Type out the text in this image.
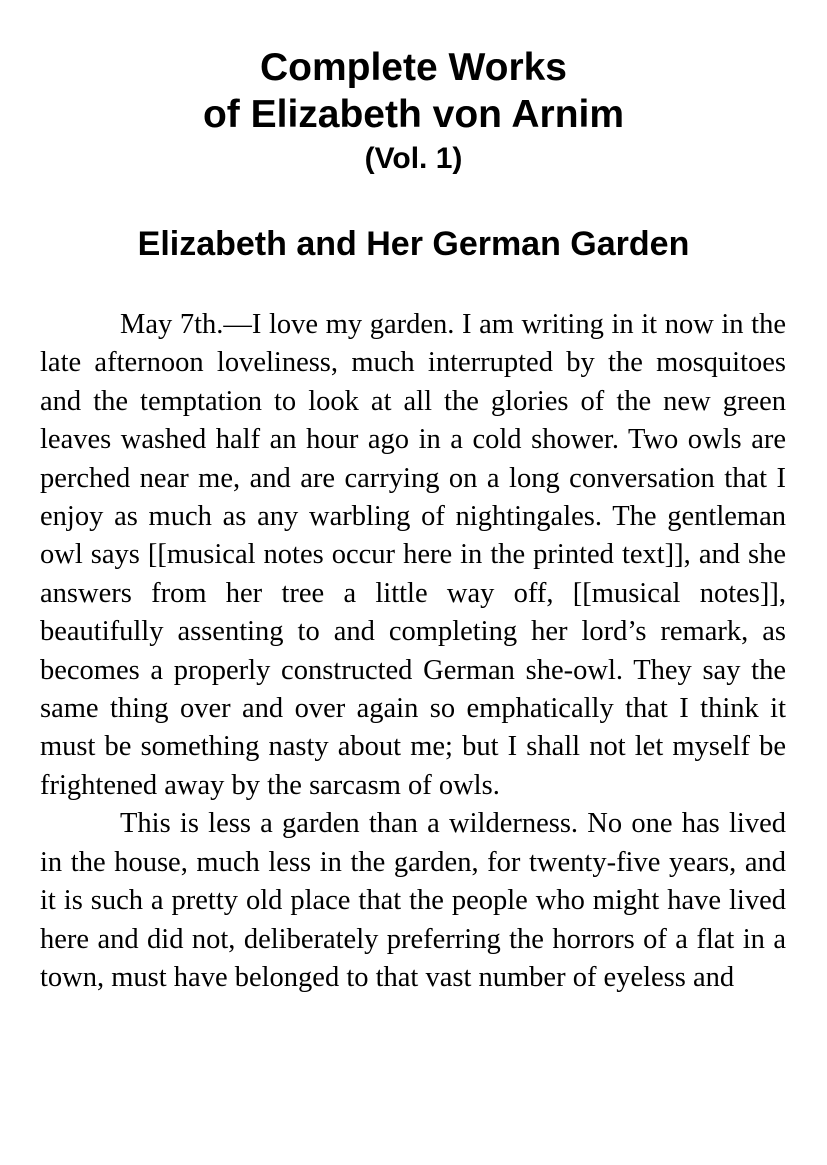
Complete Works

of Elizabeth von Arnim

(Vol. 1)

Elizabeth and Her German Garden

May 7th.—I love my garden. I am writing in it now in the late afternoon loveliness, much interrupted by the mosquitoes and the temptation to look at all the glories of the new green leaves washed half an hour ago in a cold shower. Two owls are perched near me, and are carrying on a long conversation that I enjoy as much as any warbling of nightingales. The gentleman owl says [[musical notes occur here in the printed text]], and she answers from her tree a little way off, [[musical notes]], beautifully assenting to and completing her lord’s remark, as becomes a properly constructed German she-owl. They say the same thing over and over again so emphatically that I think it must be something nasty about me; but I shall not let myself be frightened away by the sarcasm of owls.

This is less a garden than a wilderness. No one has lived in the house, much less in the garden, for twenty-five years, and it is such a pretty old place that the people who might have lived here and did not, deliberately preferring the horrors of a flat in a town, must have belonged to that vast number of eyeless and
